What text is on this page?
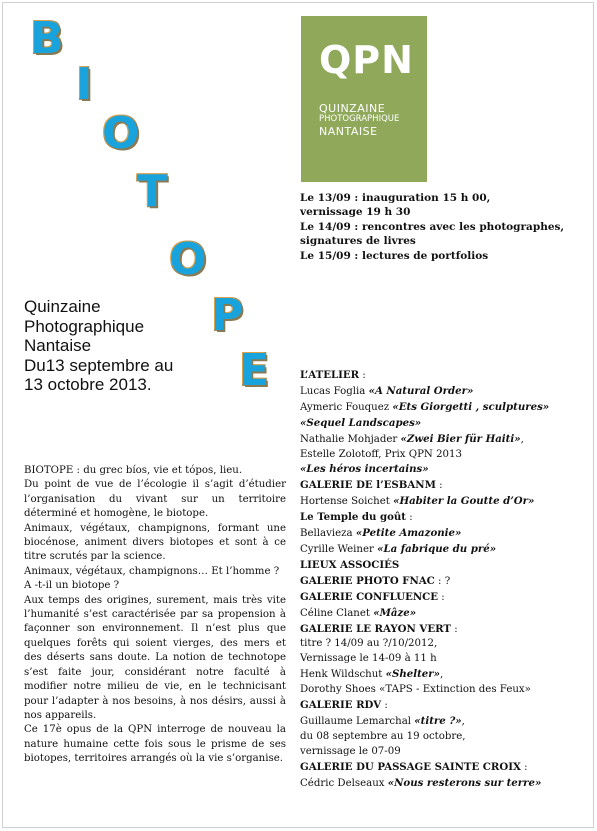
B
I
O
T
O
P
E
QPN
QUINZAINE
PHOTOGRAPHIQUE
NANTAISE
Le 13/09 : inauguration 15 h 00,
vernissage 19 h 30
Le 14/09 : rencontres avec les photographes,
signatures de livres
Le 15/09 : lectures de portfolios
Quinzaine
Photographique
Nantaise
Du13 septembre au
13 octobre 2013.

BIOTOPE : du grec bíos, vie et tópos, lieu.

Du point de vue de l’écologie il s’agit d’étudier l’organisation du vivant sur un territoire déterminé et homogène, le biotope.

Animaux, végétaux, champignons, formant une biocénose, animent divers biotopes et sont à ce titre scrutés par la science.

Animaux, végétaux, champignons… Et l’homme ?

A -t-il un biotope ?

Aux temps des origines, surement, mais très vite l’humanité s’est caractérisée par sa propension à façonner son environnement. Il n’est plus que quelques forêts qui soient vierges, des mers et des déserts sans doute. La notion de technotope s’est faite jour, considérant notre faculté à modifier notre milieu de vie, en le technicisant pour l’adapter à nos besoins, à nos désirs, aussi à nos appareils.

Ce 17è opus de la QPN interroge de nouveau la nature humaine cette fois sous le prisme de ses biotopes, territoires arrangés où la vie s’organise.

L’ATELIER :
Lucas Foglia «A Natural Order»
Aymeric Fouquez «Ets Giorgetti , sculptures»
«Sequel Landscapes»
Nathalie Mohjader «Zwei Bier für Haiti»,
Estelle Zolotoff, Prix QPN 2013
«Les héros incertains»
GALERIE DE l’ESBANM :
Hortense Soichet «Habiter la Goutte d’Or»
Le Temple du goût :
Bellavieza «Petite Amazonie»
Cyrille Weiner «La fabrique du pré»
LIEUX ASSOCIÉS
GALERIE PHOTO FNAC : ?
GALERIE CONFLUENCE :
Céline Clanet «Mâze»
GALERIE LE RAYON VERT :
titre ? 14/09 au ?/10/2012,
Vernissage le 14-09 à 11 h
Henk Wildschut «Shelter»,
Dorothy Shoes «TAPS - Extinction des Feux»
GALERIE RDV :
Guillaume Lemarchal «titre ?»,
du 08 septembre au 19 octobre,
vernissage le 07-09
GALERIE DU PASSAGE SAINTE CROIX :
Cédric Delseaux «Nous resterons sur terre»
